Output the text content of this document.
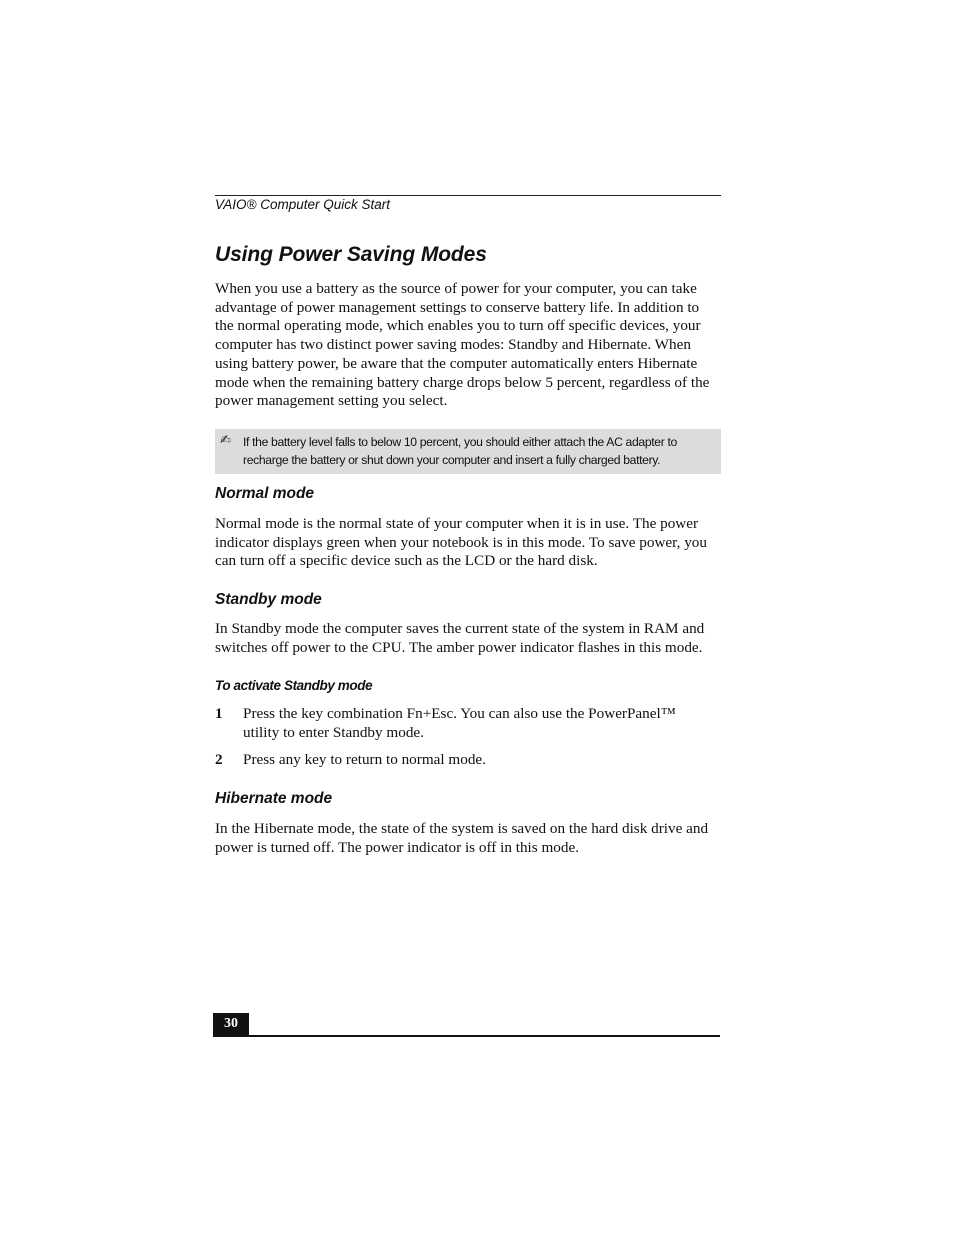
VAIO® Computer Quick Start
Using Power Saving Modes

When you use a battery as the source of power for your computer, you can take advantage of power management settings to conserve battery life. In addition to the normal operating mode, which enables you to turn off specific devices, your computer has two distinct power saving modes: Standby and Hibernate. When using battery power, be aware that the computer automatically enters Hibernate mode when the remaining battery charge drops below 5 percent, regardless of the power management setting you select.

✍ If the battery level falls to below 10 percent, you should either attach the AC adapter to recharge the battery or shut down your computer and insert a fully charged battery.

Normal mode

Normal mode is the normal state of your computer when it is in use. The power indicator displays green when your notebook is in this mode. To save power, you can turn off a specific device such as the LCD or the hard disk.

Standby mode

In Standby mode the computer saves the current state of the system in RAM and switches off power to the CPU. The amber power indicator flashes in this mode.

To activate Standby mode
1 Press the key combination Fn+Esc. You can also use the PowerPanel™ utility to enter Standby mode.
2 Press any key to return to normal mode.
Hibernate mode

In the Hibernate mode, the state of the system is saved on the hard disk drive and power is turned off. The power indicator is off in this mode.

30
